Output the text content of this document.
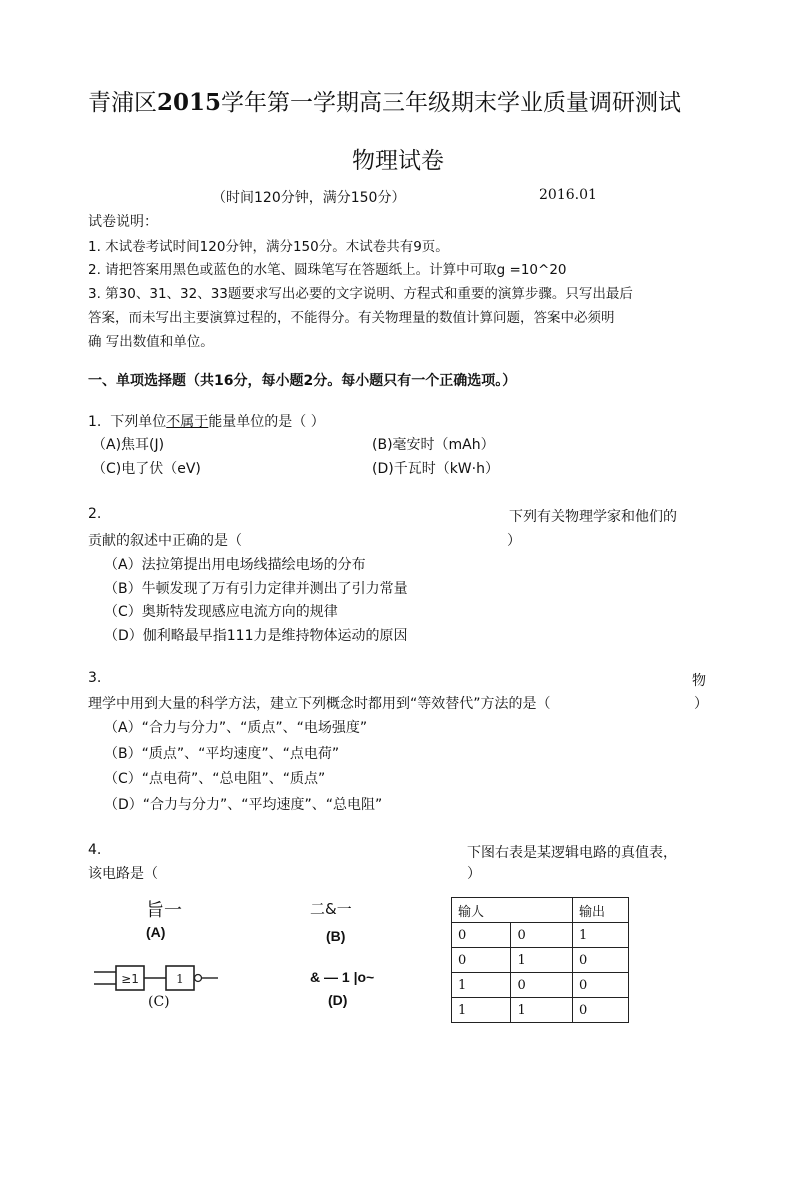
青浦区2015学年第一学期高三年级期末学业质量调研测试
物理试卷
（时间120分钟，满分150分）	2016.01
试卷说明：
1. 木试卷考试时间120分钟，满分150分。木试卷共有9页。
2. 请把答案用黑色或蓝色的水笔、圆珠笔写在答题纸上。计算中可取g =10^20
3. 第30、31、32、33题要求写出必要的文字说明、方程式和重要的演算步骤。只写出最后
答案，而未写出主要演算过程的，不能得分。有关物理量的数值计算问题，答案中必须明
确 写出数值和单位。
一、单项选择题（共16分，每小题2分。每小题只有一个正确选项。）
1. 下列单位不属于能量单位的是（ ）
（A)焦耳(J)	(B)毫安时（mAh）
（C)电了伏（eV)	(D)千瓦时（kW·h）
2.	下列有关物理学家和他们的
贡献的叙述中正确的是（	）
（A）法拉第提出用电场线描绘电场的分布
（B）牛顿发现了万有引力定律并测出了引力常量
（C）奥斯特发现感应电流方向的规律
（D）伽利略最早指111力是维持物体运动的原因
3.	物
理学中用到大量的科学方法，建立下列概念时都用到“等效替代”方法的是（	）
（A）“合力与分力”、“质点”、“电场强度”
（B）“质点”、“平均速度”、“点电荷”
（C）“点电荷”、“总电阻”、“质点”
（D）“合力与分力”、“平均速度”、“总电阻”
4.	下图右表是某逻辑电路的真值表，
该电路是（	）
旨一
(A)
二&一
(B)
≥1	1
(C)
& — 1 |o~
(D)
输人		输出
0	0	1
0	1	0
1	0	0
1	1	0
